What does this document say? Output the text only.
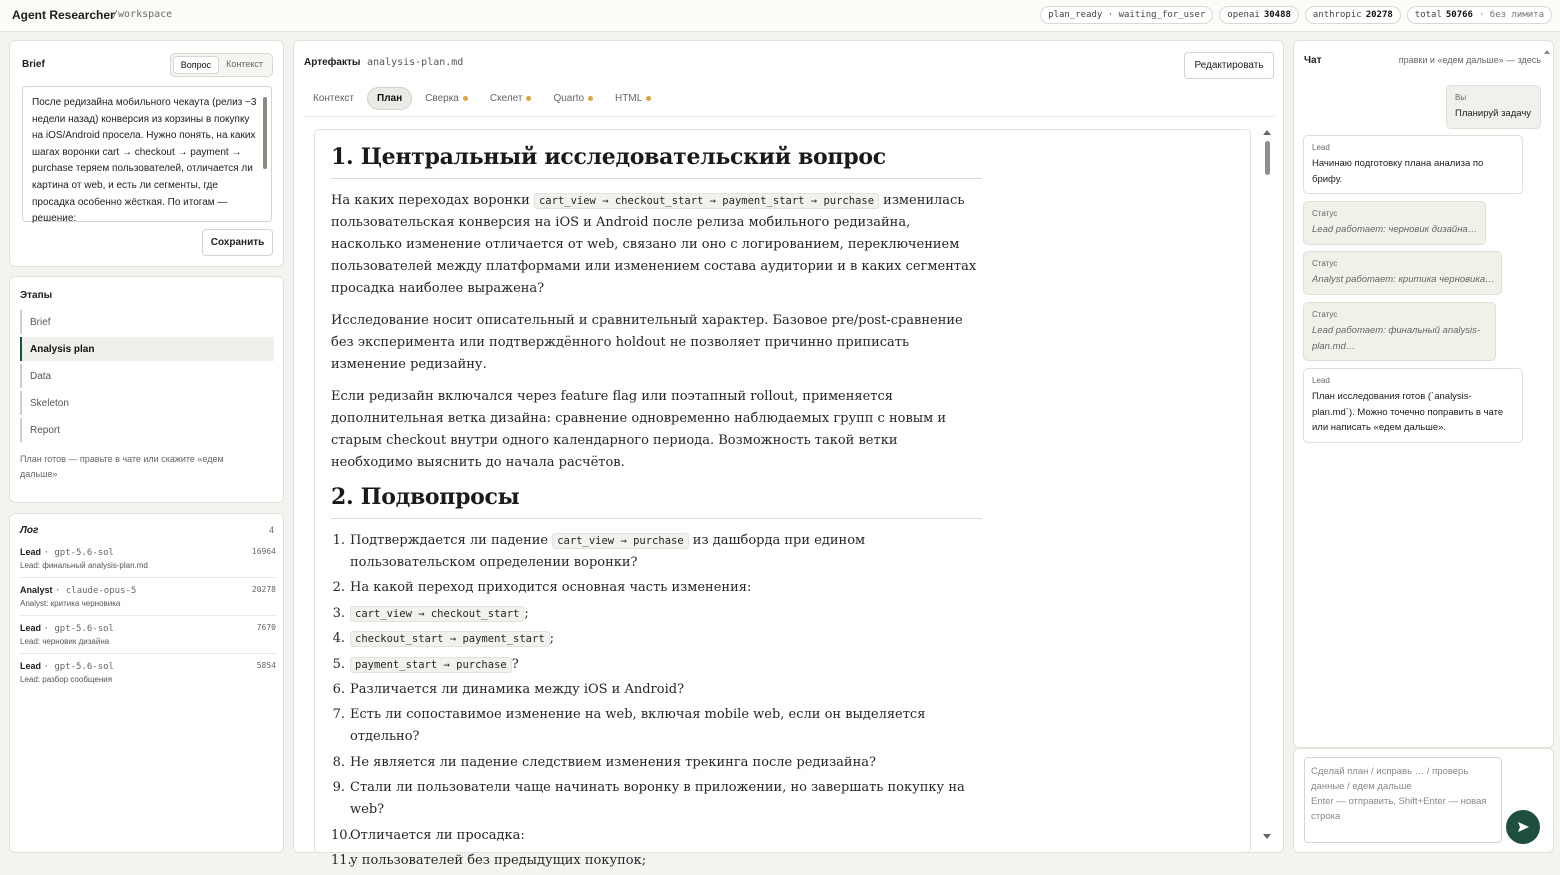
Agent Researcher
/workspace	plan_ready · waiting_for_user openai 30488 anthropic 20278 total 50766 · без лимита
Brief	Вопрос	Контекст
После редизайна мобильного чекаута (релиз ~3 недели назад) конверсия из корзины в покупку на iOS/Android просела. Нужно понять, на каких шагах воронки cart → checkout → payment → purchase теряем пользователей, отличается ли картина от web, и есть ли сегменты, где просадка особенно жёсткая. По итогам — решение:
Сохранить
Этапы
Brief
Analysis plan
Data
Skeleton
Report
План готов — правьте в чате или скажите «едем дальше»
Лог	4
Lead · gpt-5.6-sol	16964
Lead: финальный analysis-plan.md
Analyst · claude-opus-5	20278
Analyst: критика черновика
Lead · gpt-5.6-sol	7670
Lead: черновик дизайна
Lead · gpt-5.6-sol	5854
Lead: разбор сообщения
Артефакты analysis-plan.md	Редактировать
Контекст План Сверка	Скелет	Quarto	HTML
1. Центральный исследовательский вопрос

На каких переходах воронки cart_view → checkout_start → payment_start → purchase изменилась пользовательская конверсия на iOS и Android после релиза мобильного редизайна, насколько изменение отличается от web, связано ли оно с логированием, переключением пользователей между платформами или изменением состава аудитории и в каких сегментах просадка наиболее выражена?

Исследование носит описательный и сравнительный характер. Базовое pre/post-сравнение без эксперимента или подтверждённого holdout не позволяет причинно приписать изменение редизайну.

Если редизайн включался через feature flag или поэтапный rollout, применяется дополнительная ветка дизайна: сравнение одновременно наблюдаемых групп с новым и старым checkout внутри одного календарного периода. Возможность такой ветки необходимо выяснить до начала расчётов.

2. Подвопросы
1. Подтверждается ли падение cart_view → purchase из дашборда при едином пользовательском определении воронки?
2. На какой переход приходится основная часть изменения:
3. cart_view → checkout_start ;
4. checkout_start → payment_start ;
5. payment_start → purchase ?
6. Различается ли динамика между iOS и Android?
7. Есть ли сопоставимое изменение на web, включая mobile web, если он выделяется отдельно?
8. Не является ли падение следствием изменения трекинга после редизайна?
9. Стали ли пользователи чаще начинать воронку в приложении, но завершать покупку на web?
10.
Отличается ли просадка:
11.
у пользователей без предыдущих покупок;
Чат	правки и «едем дальше» — здесь
Вы
Планируй задачу
Lead
Начинаю подготовку плана анализа по брифу.
Статус
Lead работает: черновик дизайна…
Статус
Analyst работает: критика черновика…
Статус
Lead работает: финальный analysis-plan.md…
Lead
План исследования готов (`analysis-plan.md`). Можно точечно поправить в чате или написать «едем дальше».
Сделай план / исправь … / проверь данные / едем дальше
Enter — отправить, Shift+Enter — новая строка
